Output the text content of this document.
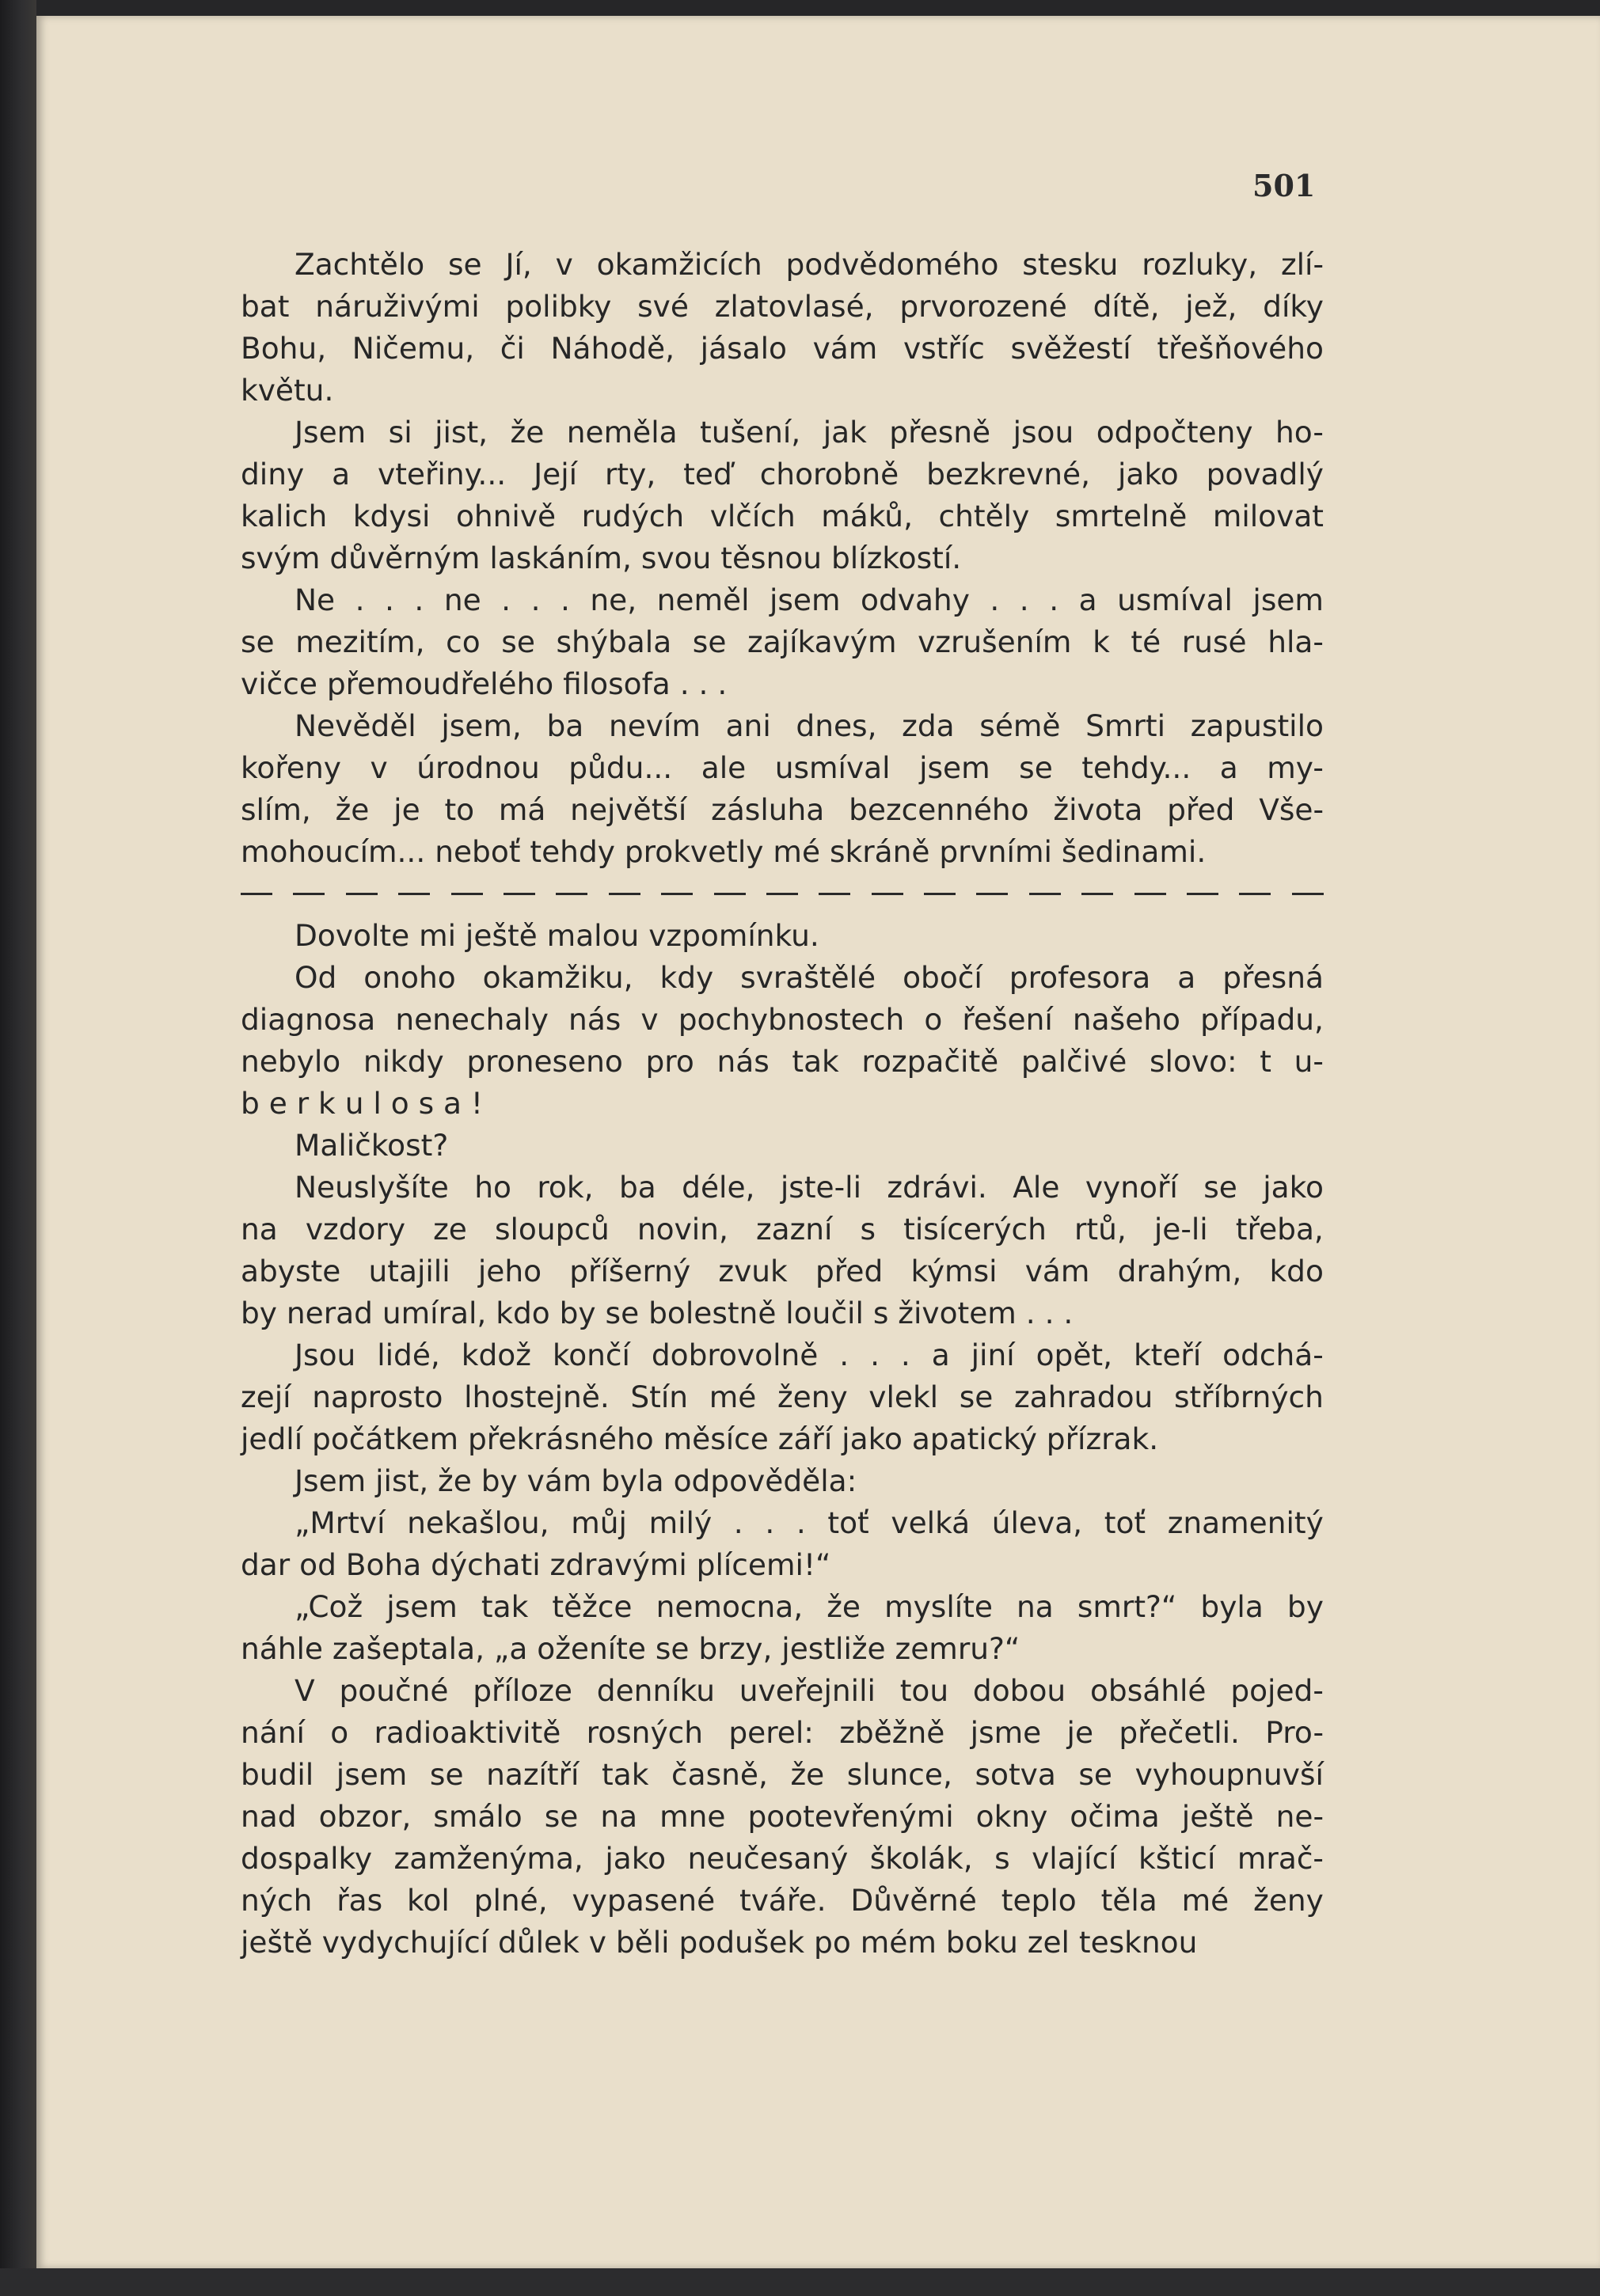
501
Zachtělo se Jí, v okamžicích podvědomého stesku rozluky, zlí-
bat náruživými polibky své zlatovlasé, prvorozené dítě, jež, díky
Bohu, Ničemu, či Náhodě, jásalo vám vstříc svěžestí třešňového
květu.
Jsem si jist, že neměla tušení, jak přesně jsou odpočteny ho-
diny a vteřiny... Její rty, teď chorobně bezkrevné, jako povadlý
kalich kdysi ohnivě rudých vlčích máků, chtěly smrtelně milovat
svým důvěrným laskáním, svou těsnou blízkostí.
Ne . . . ne . . . ne, neměl jsem odvahy . . . a usmíval jsem
se mezitím, co se shýbala se zajíkavým vzrušením k té rusé hla-
vičce přemoudřelého filosofa . . .
Nevěděl jsem, ba nevím ani dnes, zda sémě Smrti zapustilo
kořeny v úrodnou půdu... ale usmíval jsem se tehdy... a my-
slím, že je to má největší zásluha bezcenného života před Vše-
mohoucím... neboť tehdy prokvetly mé skráně prvními šedinami.
Dovolte mi ještě malou vzpomínku.
Od onoho okamžiku, kdy svraštělé obočí profesora a přesná
diagnosa nenechaly nás v pochybnostech o řešení našeho případu,
nebylo nikdy proneseno pro nás tak rozpačitě palčivé slovo: t u-
b e r k u l o s a !
Maličkost?
Neuslyšíte ho rok, ba déle, jste-li zdrávi. Ale vynoří se jako
na vzdory ze sloupců novin, zazní s tisícerých rtů, je-li třeba,
abyste utajili jeho příšerný zvuk před kýmsi vám drahým, kdo
by nerad umíral, kdo by se bolestně loučil s životem . . .
Jsou lidé, kdož končí dobrovolně . . . a jiní opět, kteří odchá-
zejí naprosto lhostejně. Stín mé ženy vlekl se zahradou stříbrných
jedlí počátkem překrásného měsíce září jako apatický přízrak.
Jsem jist, že by vám byla odpověděla:
„Mrtví nekašlou, můj milý . . . toť velká úleva, toť znamenitý
dar od Boha dýchati zdravými plícemi!“
„Což jsem tak těžce nemocna, že myslíte na smrt?“ byla by
náhle zašeptala, „a oženíte se brzy, jestliže zemru?“
V poučné příloze denníku uveřejnili tou dobou obsáhlé pojed-
nání o radioaktivitě rosných perel: zběžně jsme je přečetli. Pro-
budil jsem se nazítří tak časně, že slunce, sotva se vyhoupnuvší
nad obzor, smálo se na mne pootevřenými okny očima ještě ne-
dospalky zamženýma, jako neučesaný školák, s vlající kšticí mrač-
ných řas kol plné, vypasené tváře. Důvěrné teplo těla mé ženy
ještě vydychující důlek v běli podušek po mém boku zel tesknou
